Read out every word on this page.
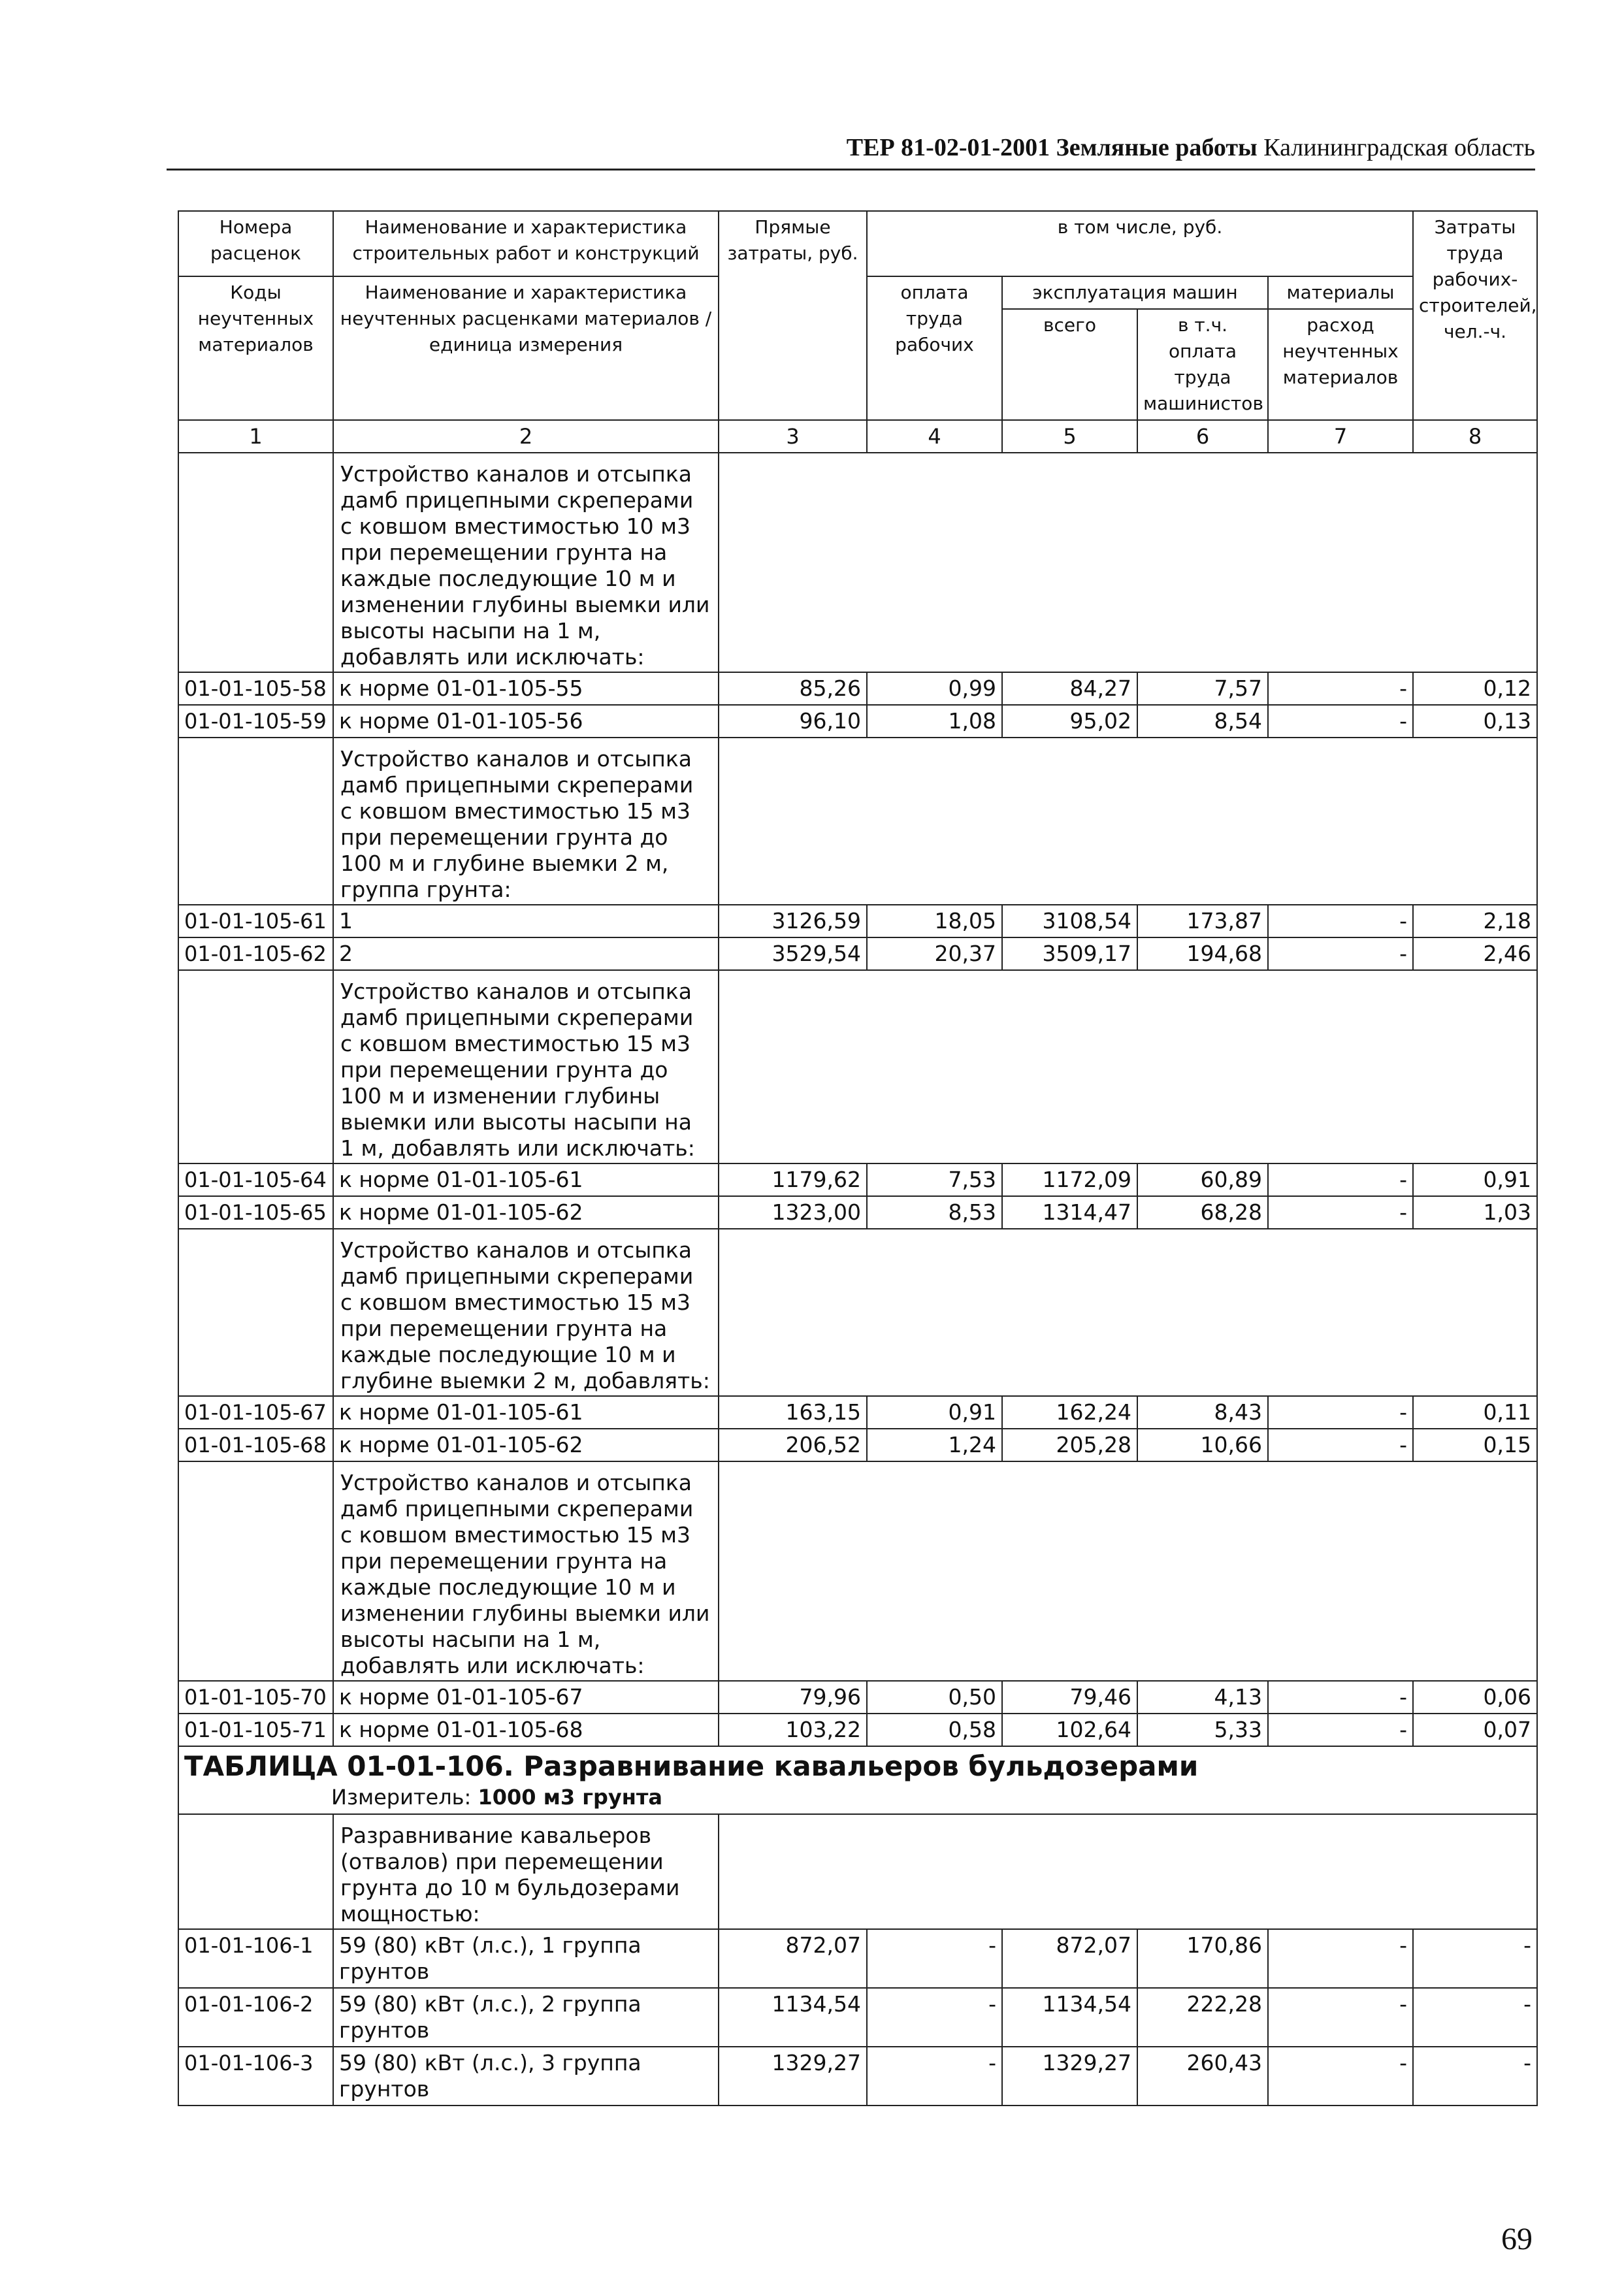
ТЕР 81-02-01-2001 Земляные работы Калининградская область
Номера расценок	Наименование и характеристика строительных работ и конструкций	Прямые затраты, руб.	в том числе, руб.				Затраты труда рабочих-строителей, чел.-ч.
Коды неучтенных материалов	Наименование и характеристика неучтенных расценками материалов / единица измерения		оплата труда рабочих	эксплуатация машин		материалы	
				всего	в т.ч. оплата труда машинистов	расход неучтенных материалов	
1	2	3	4	5	6	7	8
	Устройство каналов и отсыпка дамб прицепными скреперами с ковшом вместимостью 10 м3 при перемещении грунта на каждые последующие 10 м и изменении глубины выемки или высоты насыпи на 1 м, добавлять или исключать:						
01-01-105-58	к норме 01-01-105-55	85,26	0,99	84,27	7,57	-	0,12
01-01-105-59	к норме 01-01-105-56	96,10	1,08	95,02	8,54	-	0,13
	Устройство каналов и отсыпка дамб прицепными скреперами с ковшом вместимостью 15 м3 при перемещении грунта до 100 м и глубине выемки 2 м, группа грунта:						
01-01-105-61	1	3126,59	18,05	3108,54	173,87	-	2,18
01-01-105-62	2	3529,54	20,37	3509,17	194,68	-	2,46
	Устройство каналов и отсыпка дамб прицепными скреперами с ковшом вместимостью 15 м3 при перемещении грунта до 100 м и изменении глубины выемки или высоты насыпи на 1 м, добавлять или исключать:						
01-01-105-64	к норме 01-01-105-61	1179,62	7,53	1172,09	60,89	-	0,91
01-01-105-65	к норме 01-01-105-62	1323,00	8,53	1314,47	68,28	-	1,03
	Устройство каналов и отсыпка дамб прицепными скреперами с ковшом вместимостью 15 м3 при перемещении грунта на каждые последующие 10 м и глубине выемки 2 м, добавлять:						
01-01-105-67	к норме 01-01-105-61	163,15	0,91	162,24	8,43	-	0,11
01-01-105-68	к норме 01-01-105-62	206,52	1,24	205,28	10,66	-	0,15
	Устройство каналов и отсыпка дамб прицепными скреперами с ковшом вместимостью 15 м3 при перемещении грунта на каждые последующие 10 м и изменении глубины выемки или высоты насыпи на 1 м, добавлять или исключать:						
01-01-105-70	к норме 01-01-105-67	79,96	0,50	79,46	4,13	-	0,06
01-01-105-71	к норме 01-01-105-68	103,22	0,58	102,64	5,33	-	0,07

ТАБЛИЦА 01-01-106. Разравнивание кавальеров бульдозерами
Измеритель: 1000 м3 грунта							

	Разравнивание кавальеров (отвалов) при перемещении грунта до 10 м бульдозерами мощностью:						
01-01-106-1	59 (80) кВт (л.с.), 1 группа грунтов	872,07	-	872,07	170,86	-	-
01-01-106-2	59 (80) кВт (л.с.), 2 группа грунтов	1134,54	-	1134,54	222,28	-	-
01-01-106-3	59 (80) кВт (л.с.), 3 группа грунтов	1329,27	-	1329,27	260,43	-	-
69
